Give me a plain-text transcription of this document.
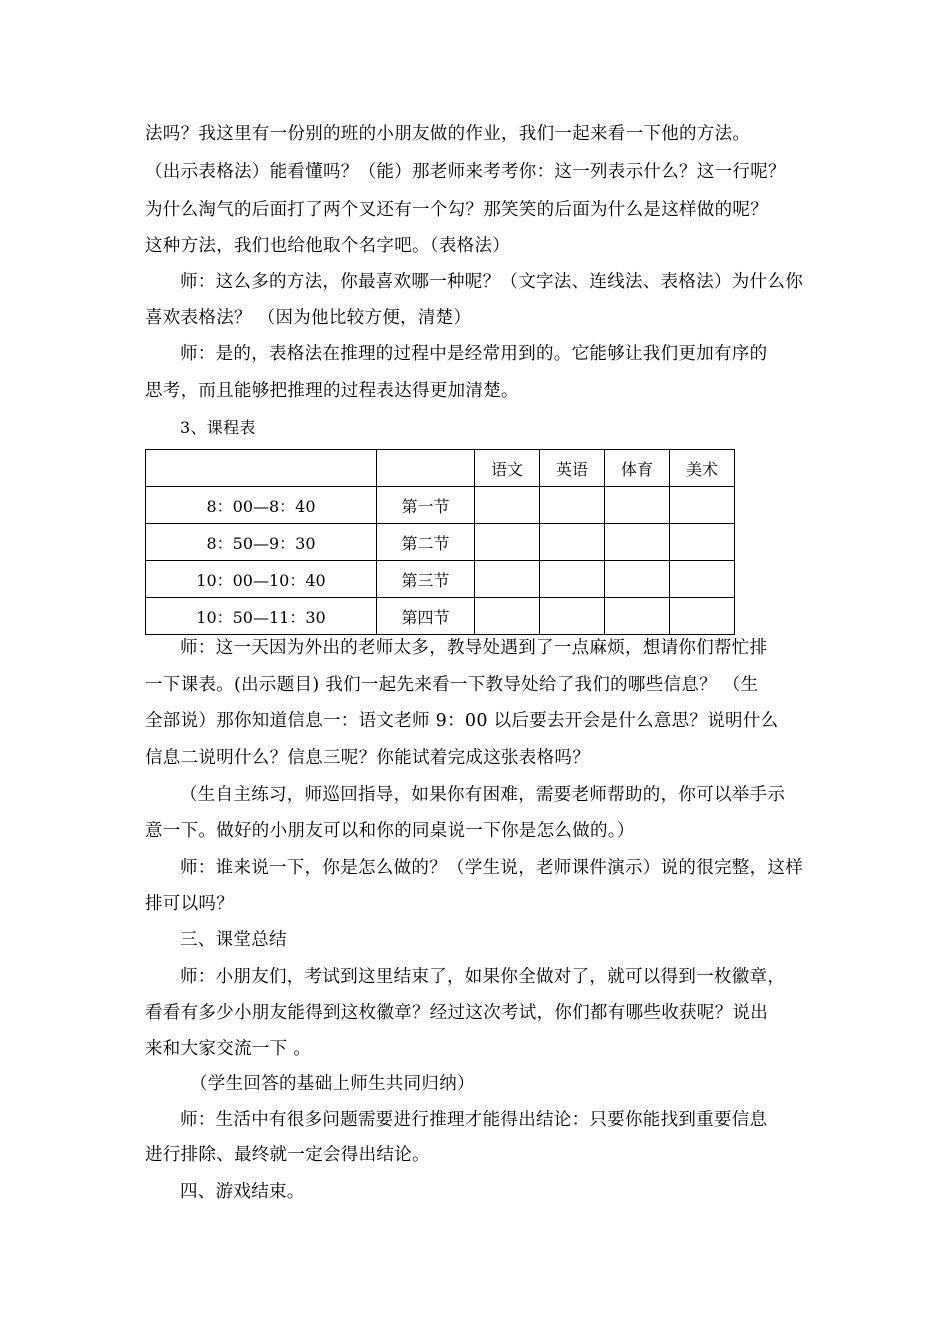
法吗？我这里有一份别的班的小朋友做的作业，我们一起来看一下他的方法。
（出示表格法）能看懂吗？（能）那老师来考考你：这一列表示什么？这一行呢？
为什么淘气的后面打了两个叉还有一个勾？那笑笑的后面为什么是这样做的呢？
这种方法，我们也给他取个名字吧。（表格法）
师：这么多的方法，你最喜欢哪一种呢？（文字法、连线法、表格法）为什么你
喜欢表格法？ （因为他比较方便，清楚）
师：是的，表格法在推理的过程中是经常用到的。它能够让我们更加有序的
思考，而且能够把推理的过程表达得更加清楚。
3、课程表
		语文	英语	体育	美术
8：00—8：40	第一节				
8：50—9：30	第二节				
10：00—10：40	第三节				
10：50—11：30	第四节				
师：这一天因为外出的老师太多，教导处遇到了一点麻烦，想请你们帮忙排
一下课表。(出示题目) 我们一起先来看一下教导处给了我们的哪些信息？ （生
全部说）那你知道信息一：语文老师 9：00 以后要去开会是什么意思？说明什么
信息二说明什么？信息三呢？你能试着完成这张表格吗？
（生自主练习，师巡回指导，如果你有困难，需要老师帮助的，你可以举手示
意一下。做好的小朋友可以和你的同桌说一下你是怎么做的。）
师：谁来说一下，你是怎么做的？（学生说，老师课件演示）说的很完整，这样
排可以吗？
三、课堂总结
师：小朋友们，考试到这里结束了，如果你全做对了，就可以得到一枚徽章，
看看有多少小朋友能得到这枚徽章？经过这次考试，你们都有哪些收获呢？说出
来和大家交流一下 。
（学生回答的基础上师生共同归纳）
师：生活中有很多问题需要进行推理才能得出结论：只要你能找到重要信息
进行排除、最终就一定会得出结论。
四、游戏结束。
